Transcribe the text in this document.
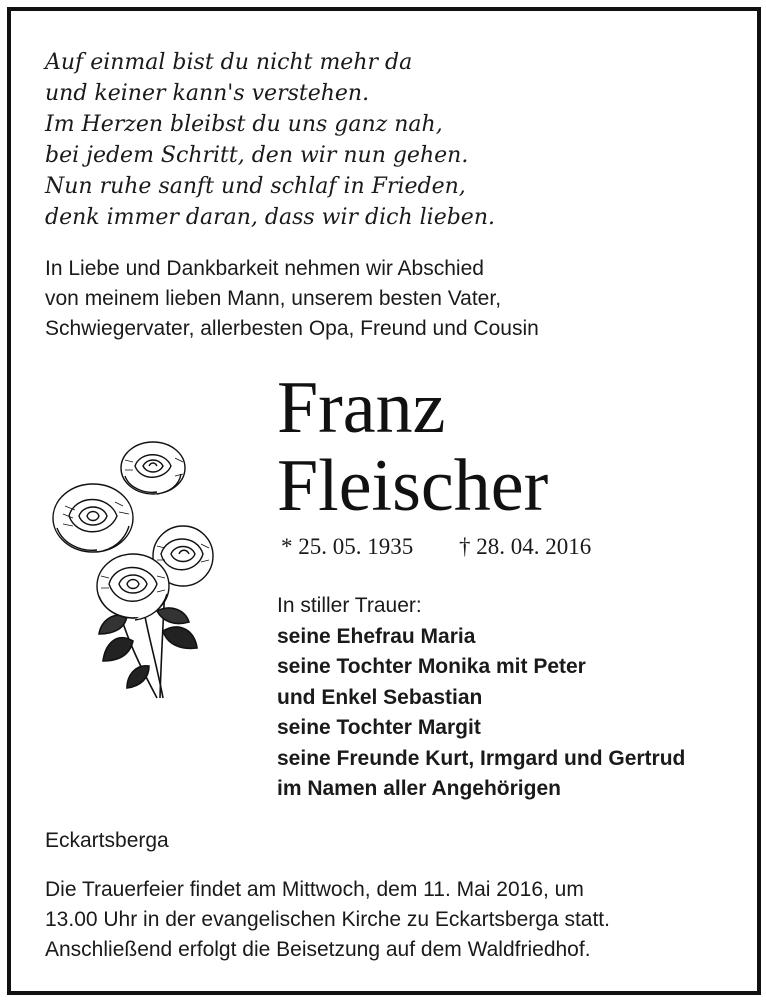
Auf einmal bist du nicht mehr da
und keiner kann's verstehen.
Im Herzen bleibst du uns ganz nah,
bei jedem Schritt, den wir nun gehen.
Nun ruhe sanft und schlaf in Frieden,
denk immer daran, dass wir dich lieben.
In Liebe und Dankbarkeit nehmen wir Abschied
von meinem lieben Mann, unserem besten Vater,
Schwiegervater, allerbesten Opa, Freund und Cousin
Franz
Fleischer
* 25. 05. 1935 † 28. 04. 2016
In stiller Trauer:
seine Ehefrau Maria
seine Tochter Monika mit Peter
und Enkel Sebastian
seine Tochter Margit
seine Freunde Kurt, Irmgard und Gertrud
im Namen aller Angehörigen
Eckartsberga
Die Trauerfeier findet am Mittwoch, dem 11. Mai 2016, um
13.00 Uhr in der evangelischen Kirche zu Eckartsberga statt.
Anschließend erfolgt die Beisetzung auf dem Waldfriedhof.
